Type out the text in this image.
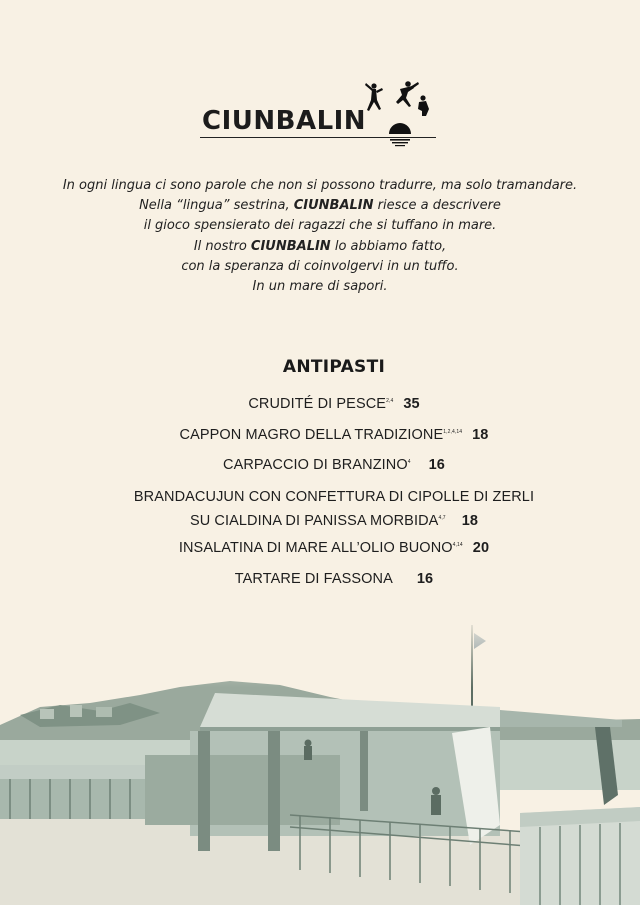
CIUNBALIN

In ogni lingua ci sono parole che non si possono tradurre, ma solo tramandare.

Nella “lingua” sestrina, CIUNBALIN riesce a descrivere

il gioco spensierato dei ragazzi che si tuffano in mare.

Il nostro CIUNBALIN lo abbiamo fatto,

con la speranza di coinvolgervi in un tuffo.

In un mare di sapori.

ANTIPASTI
CRUDITÉ DI PESCE$^{2,4}$ 35
CAPPON MAGRO DELLA TRADIZIONE$^{1,2,4,14}$ 18
CARPACCIO DI BRANZINO$^4$ 16
BRANDACUJUN CON CONFETTURA DI CIPOLLE DI ZERLI
SU CIALDINA DI PANISSA MORBIDA$^{4,7}$ 18
INSALATINA DI MARE ALL’OLIO BUONO$^{4,14}$ 20
TARTARE DI FASSONA 16
